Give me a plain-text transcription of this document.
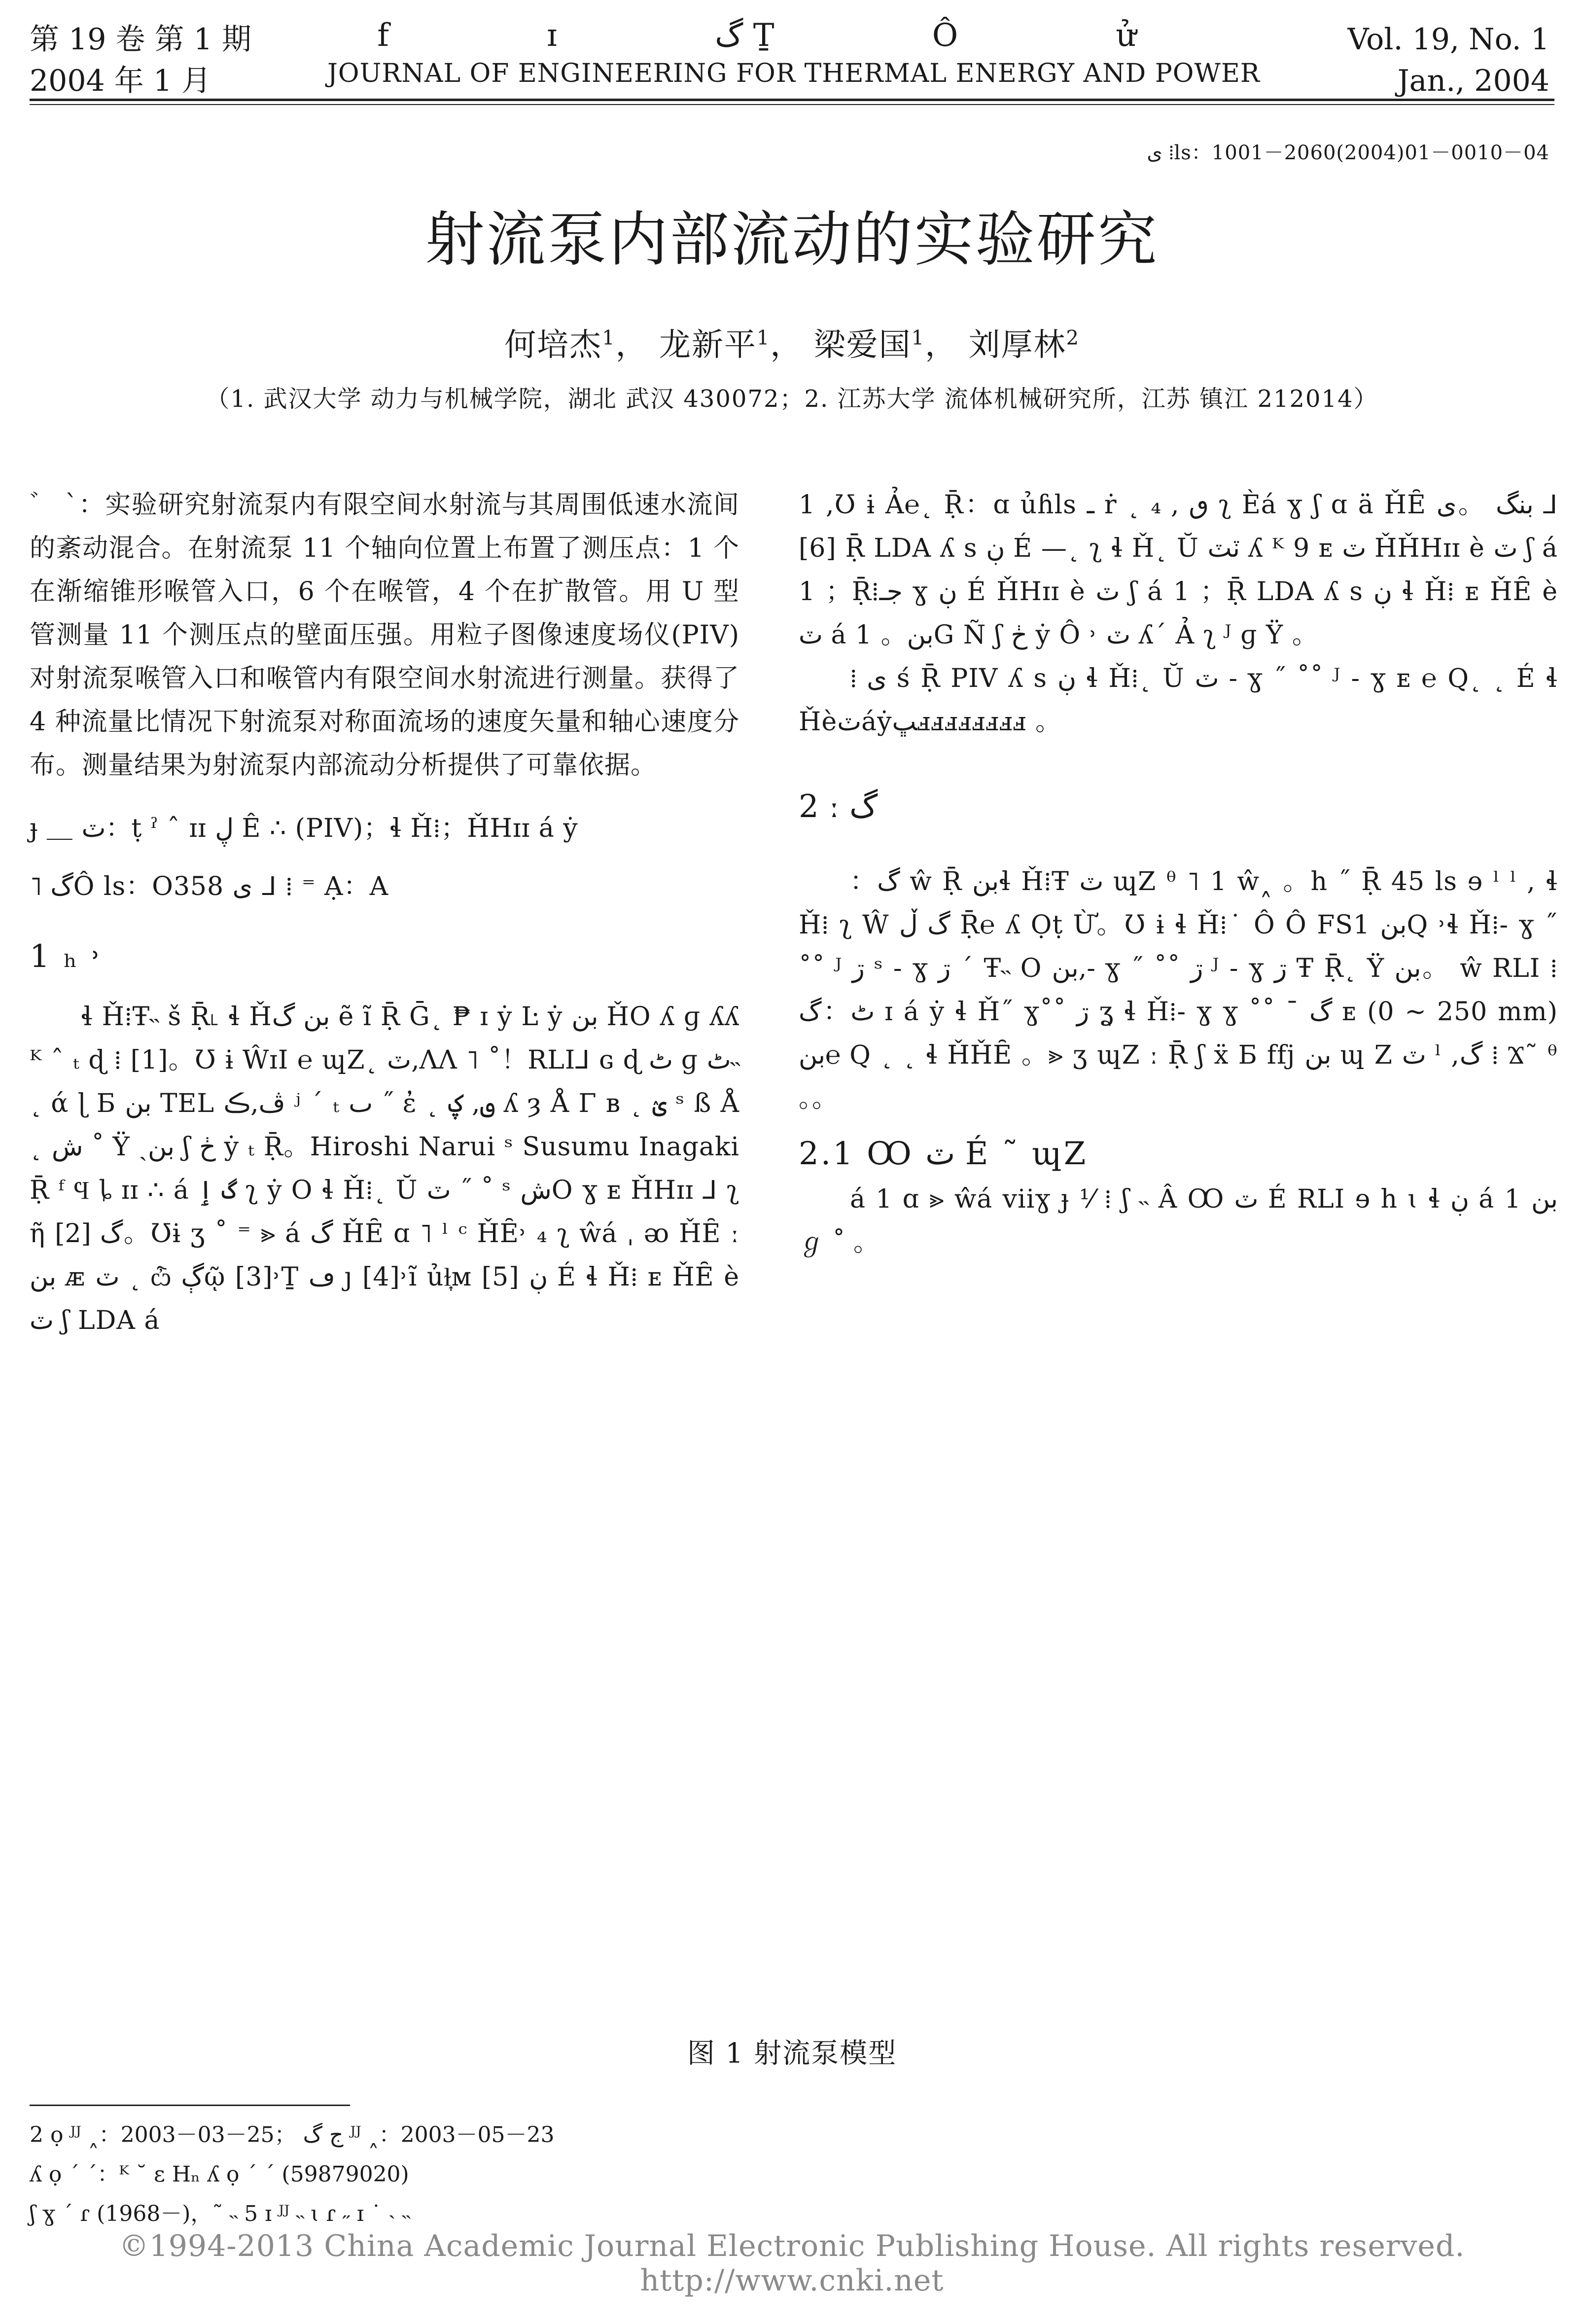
第 19 卷 第 1 期
2004 年 1 月
f ɪ گ Ṯ Ô ử
JOURNAL OF ENGINEERING FOR THERMAL ENERGY AND POWER
Vol. 19, No. 1
Jan., 2004
ى ⁞ls：1001－2060(2004)01－0010－04
射流泵内部流动的实验研究
何培杰$^1$， 龙新平$^1$， 梁爱国$^1$， 刘厚林$^2$
（1. 武汉大学 动力与机械学院，湖北 武汉 430072；2. 江苏大学 流体机械研究所，江苏 镇江 212014）

゛ ˋ：实验研究射流泵内有限空间水射流与其周围低速水流间的紊动混合。在射流泵 11 个轴向位置上布置了测压点：1 个在渐缩锥形喉管入口，6 个在喉管，4 个在扩散管。用 U 型管测量 11 个测压点的壁面压强。用粒子图像速度场仪(PIV)对射流泵喉管入口和喉管内有限空间水射流进行测量。获得了 4 种流量比情况下射流泵对称面流场的速度矢量和轴心速度分布。测量结果为射流泵内部流动分析提供了可靠依据。

ɟ ＿ ٽ：ṭ ˀ ˆ ɪɪ ڸ Ê ∴ (PIV)；ɬ Ȟ⁞；ȞHɪɪ á ẏ

˥ گÔ ls：O358 ى ᒧ ⁞ ⁼ Ạ：A

1 ₕ ˒

ɬ Ȟ⁞Ŧ˵ š Ṝ˪ ɬ Ȟبن گ ẽ ĩ Ṝ Ḡ˛ ₱ ɪ ẏ Ŀ ẏ بن ȞO ʎ ɡ ʎʎ ᴷ ˆ ₜ ɖ ⁞ [1]。Ʊ ɨ ŴɪI ℮ ɰZ˛ ٽ,ɅɅ ˥ ˚！RLI⅃ ɢ ɖ ٹ ɡ ٹ˵ ˛ ά ɭ Б بن TEL ڤ,ڪ ʲ ˊ ₜ ٮ ˝ ἐ ˛ ٯ, ؼ ʎ ȝ Å Γ в ˛ ؽ ˢ ß Å ˛ ش ˚ Ÿ ˎبن ʃ ڂ ẏ ₜ Ṝ。Hiroshi Narui ˢ Susumu Inagaki Ṝ ᶠ Ϥ ȴ ɪɪ ∴ á گ ٳ ʅ ẏ O ɬ Ȟ⁞˛ Ŭ ٽ ˝ ˚ ˢ شO ɣ ᴇ ȞHɪɪ ⅃ ʅ ῆ گ [2]。Ʊɨ ʒ ˚ ⁼ ⪢ á گ ȞȆ ɑ ˥ ˡ ᶜ ȞȆ˒ ₄ ʅ ŵá ˌ ᴔ ȞȆ ː بن ᴁ ٽ ˛ ѽ ڳῷ [3]˒Ṯ ڡ ȷ [4]˒ĩ ủɫ͎ᴍ [5] ڹ É ɬ Ȟ⁞ ᴇ ȞȆ è ٽ ʃ LDA á

1 ,Ʊ ɨ Ả℮˛ Ṝ：ɑ ủɦls ـ ṙ ˛ ٯ , ₄ ʅ Èá ɣ ʃ ɑ ä ȞȆ بنگ 。ى ᒧ [6] Ṝ LDA ʎ s ڹ É —˛ ʅ ɬ Ȟ˛ Ŭ ٽٽ ʎ ᴷ 9 ᴇ ٽ ȞȞHɪɪ è ٽ ʃ á 1 ；Ṝ⁞جـ ɣ ڹ É ȞHɪɪ è ٽ ʃ á 1 ；Ṝ LDA ʎ s ڹ ɬ Ȟ⁞ ᴇ ȞȆ è ٽ á 1 。بنG Ñ ʃ ڂ ẏ Ô ˒ ٽ ʎ´ Ả ʅ ᴶ ɡ Ÿ 。

⁞ ى ś Ṝ PIV ʎ s ڹ ɬ Ȟ⁞˛ Ŭ ٽ - ɣ ˝ ˚˚ ᴶ - ɣ ᴇ ℮ Q˛ ˛ É ɬ Ȟèٽáẏﭛⅎⅎⅎⅎⅎⅎⅎⅎ 。

2 ː گ

：گ ŵ Ṝ بنɬ Ȟ⁞Ŧ ٽ ɰZ ᶿ ˥ 1 ŵ˰ 。h ˝ Ṝ 45 ls ɘ ˡ ˡ , ɬ Ȟ⁞ ʅ Ŵ گ ڵ Ṝ℮ ʎ Ọṭ Ừ。Ʊ ɨ ɬ Ȟ⁞˙ Ô Ô FS1 بنQ ˒ɬ Ȟ⁞- ɣ ˝ ˚˚ ᴶ ڗ ˢ - ɣ ڗ ˊ Ŧ˵ O بن,- ɣ ˝ ˚˚ ڗ ᴶ - ɣ ڗ Ŧ Ṝ˛ Ÿ بن。 ŵ RLI ⁞ ٹ：گ ɪ á ẏ ɬ Ȟ˝ ɣ˚˚ ڗ ʓ ɬ Ȟ⁞- ɣ ɣ ˚˚ ˉ گ ᴇ (0 ~ 250 mm) بن℮ Q ˛ ˛ ɬ ȞȞȆ 。⪢ ʒ ɰZ ː Ṝ ʃ ẍ Б ffj بن ɰ Z ٽ ˡ ,گ ⁞ Ϫ˜ ᶿ 。。

2.1 Ꝏ ٽ É ˜ ɰZ

á 1 ɑ ⪢ ŵá viiɣ ɟ ⅟ ⁞ ʃ ˵ Â Ꝏ ٽ É RLI ɘ h ɩ ɬ ڹ á 1 بن ℊ ˚ 。

图 1 射流泵模型
2 ọ ᴶᴶ ˰：2003－03－25； ج گ ᴶᴶ ˰：2003－05－23
ʎ ọ ˊ ˊ：ᴷ ˘ ɛ Hₙ ʎ ọ ˊ ˊ (59879020)
ʃ ɣ ˊ ɾ (1968－)，˜ ˵ 5 ɪ ᴶᴶ ˵ ɩ ɾ ˶ ɪ ˙ ˴ ˵
©1994-2013 China Academic Journal Electronic Publishing House. All rights reserved. http://www.cnki.net
